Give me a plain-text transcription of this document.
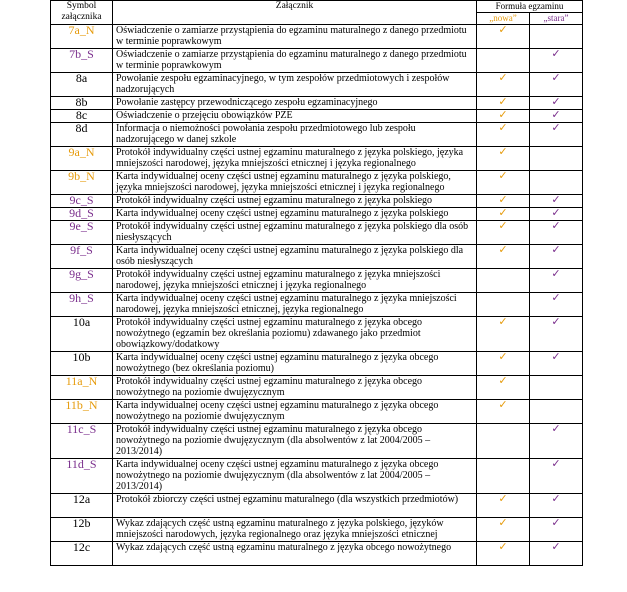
Symbol załącznika	Załącznik	Formuła egzaminu	
		„nowa”	„stara”
7a_N	Oświadczenie o zamiarze przystąpienia do egzaminu maturalnego z danego przedmiotu w terminie poprawkowym	✓	
7b_S	Oświadczenie o zamiarze przystąpienia do egzaminu maturalnego z danego przedmiotu w terminie poprawkowym		✓
8a	Powołanie zespołu egzaminacyjnego, w tym zespołów przedmiotowych i zespołów nadzorujących	✓	✓
8b	Powołanie zastępcy przewodniczącego zespołu egzaminacyjnego	✓	✓
8c	Oświadczenie o przejęciu obowiązków PZE	✓	✓
8d	Informacja o niemożności powołania zespołu przedmiotowego lub zespołu nadzorującego w danej szkole	✓	✓
9a_N	Protokół indywidualny części ustnej egzaminu maturalnego z języka polskiego, języka mniejszości narodowej, języka mniejszości etnicznej i języka regionalnego	✓	
9b_N	Karta indywidualnej oceny części ustnej egzaminu maturalnego z języka polskiego, języka mniejszości narodowej, języka mniejszości etnicznej i języka regionalnego	✓	
9c_S	Protokół indywidualny części ustnej egzaminu maturalnego z języka polskiego	✓	✓
9d_S	Karta indywidualnej oceny części ustnej egzaminu maturalnego z języka polskiego	✓	✓
9e_S	Protokół indywidualny części ustnej egzaminu maturalnego z języka polskiego dla osób niesłyszących	✓	✓
9f_S	Karta indywidualnej oceny części ustnej egzaminu maturalnego z języka polskiego dla osób niesłyszących	✓	✓
9g_S	Protokół indywidualny części ustnej egzaminu maturalnego z języka mniejszości narodowej, języka mniejszości etnicznej i języka regionalnego		✓
9h_S	Karta indywidualnej oceny części ustnej egzaminu maturalnego z języka mniejszości narodowej, języka mniejszości etnicznej, języka regionalnego		✓
10a	Protokół indywidualny części ustnej egzaminu maturalnego z języka obcego nowożytnego (egzamin bez określania poziomu) zdawanego jako przedmiot obowiązkowy/dodatkowy	✓	✓
10b	Karta indywidualnej oceny części ustnej egzaminu maturalnego z języka obcego nowożytnego (bez określania poziomu)	✓	✓
11a_N	Protokół indywidualny części ustnej egzaminu maturalnego z języka obcego nowożytnego na poziomie dwujęzycznym	✓	
11b_N	Karta indywidualnej oceny części ustnej egzaminu maturalnego z języka obcego nowożytnego na poziomie dwujęzycznym	✓	
11c_S	Protokół indywidualny części ustnej egzaminu maturalnego z języka obcego nowożytnego na poziomie dwujęzycznym (dla absolwentów z lat 2004/2005 – 2013/2014)		✓
11d_S	Karta indywidualnej oceny części ustnej egzaminu maturalnego z języka obcego nowożytnego na poziomie dwujęzycznym (dla absolwentów z lat 2004/2005 – 2013/2014)		✓
12a	Protokół zbiorczy części ustnej egzaminu maturalnego (dla wszystkich przedmiotów)	✓	✓
12b	Wykaz zdających część ustną egzaminu maturalnego z języka polskiego, języków mniejszości narodowych, języka regionalnego oraz języka mniejszości etnicznej	✓	✓
12c	Wykaz zdających część ustną egzaminu maturalnego z języka obcego nowożytnego	✓	✓
